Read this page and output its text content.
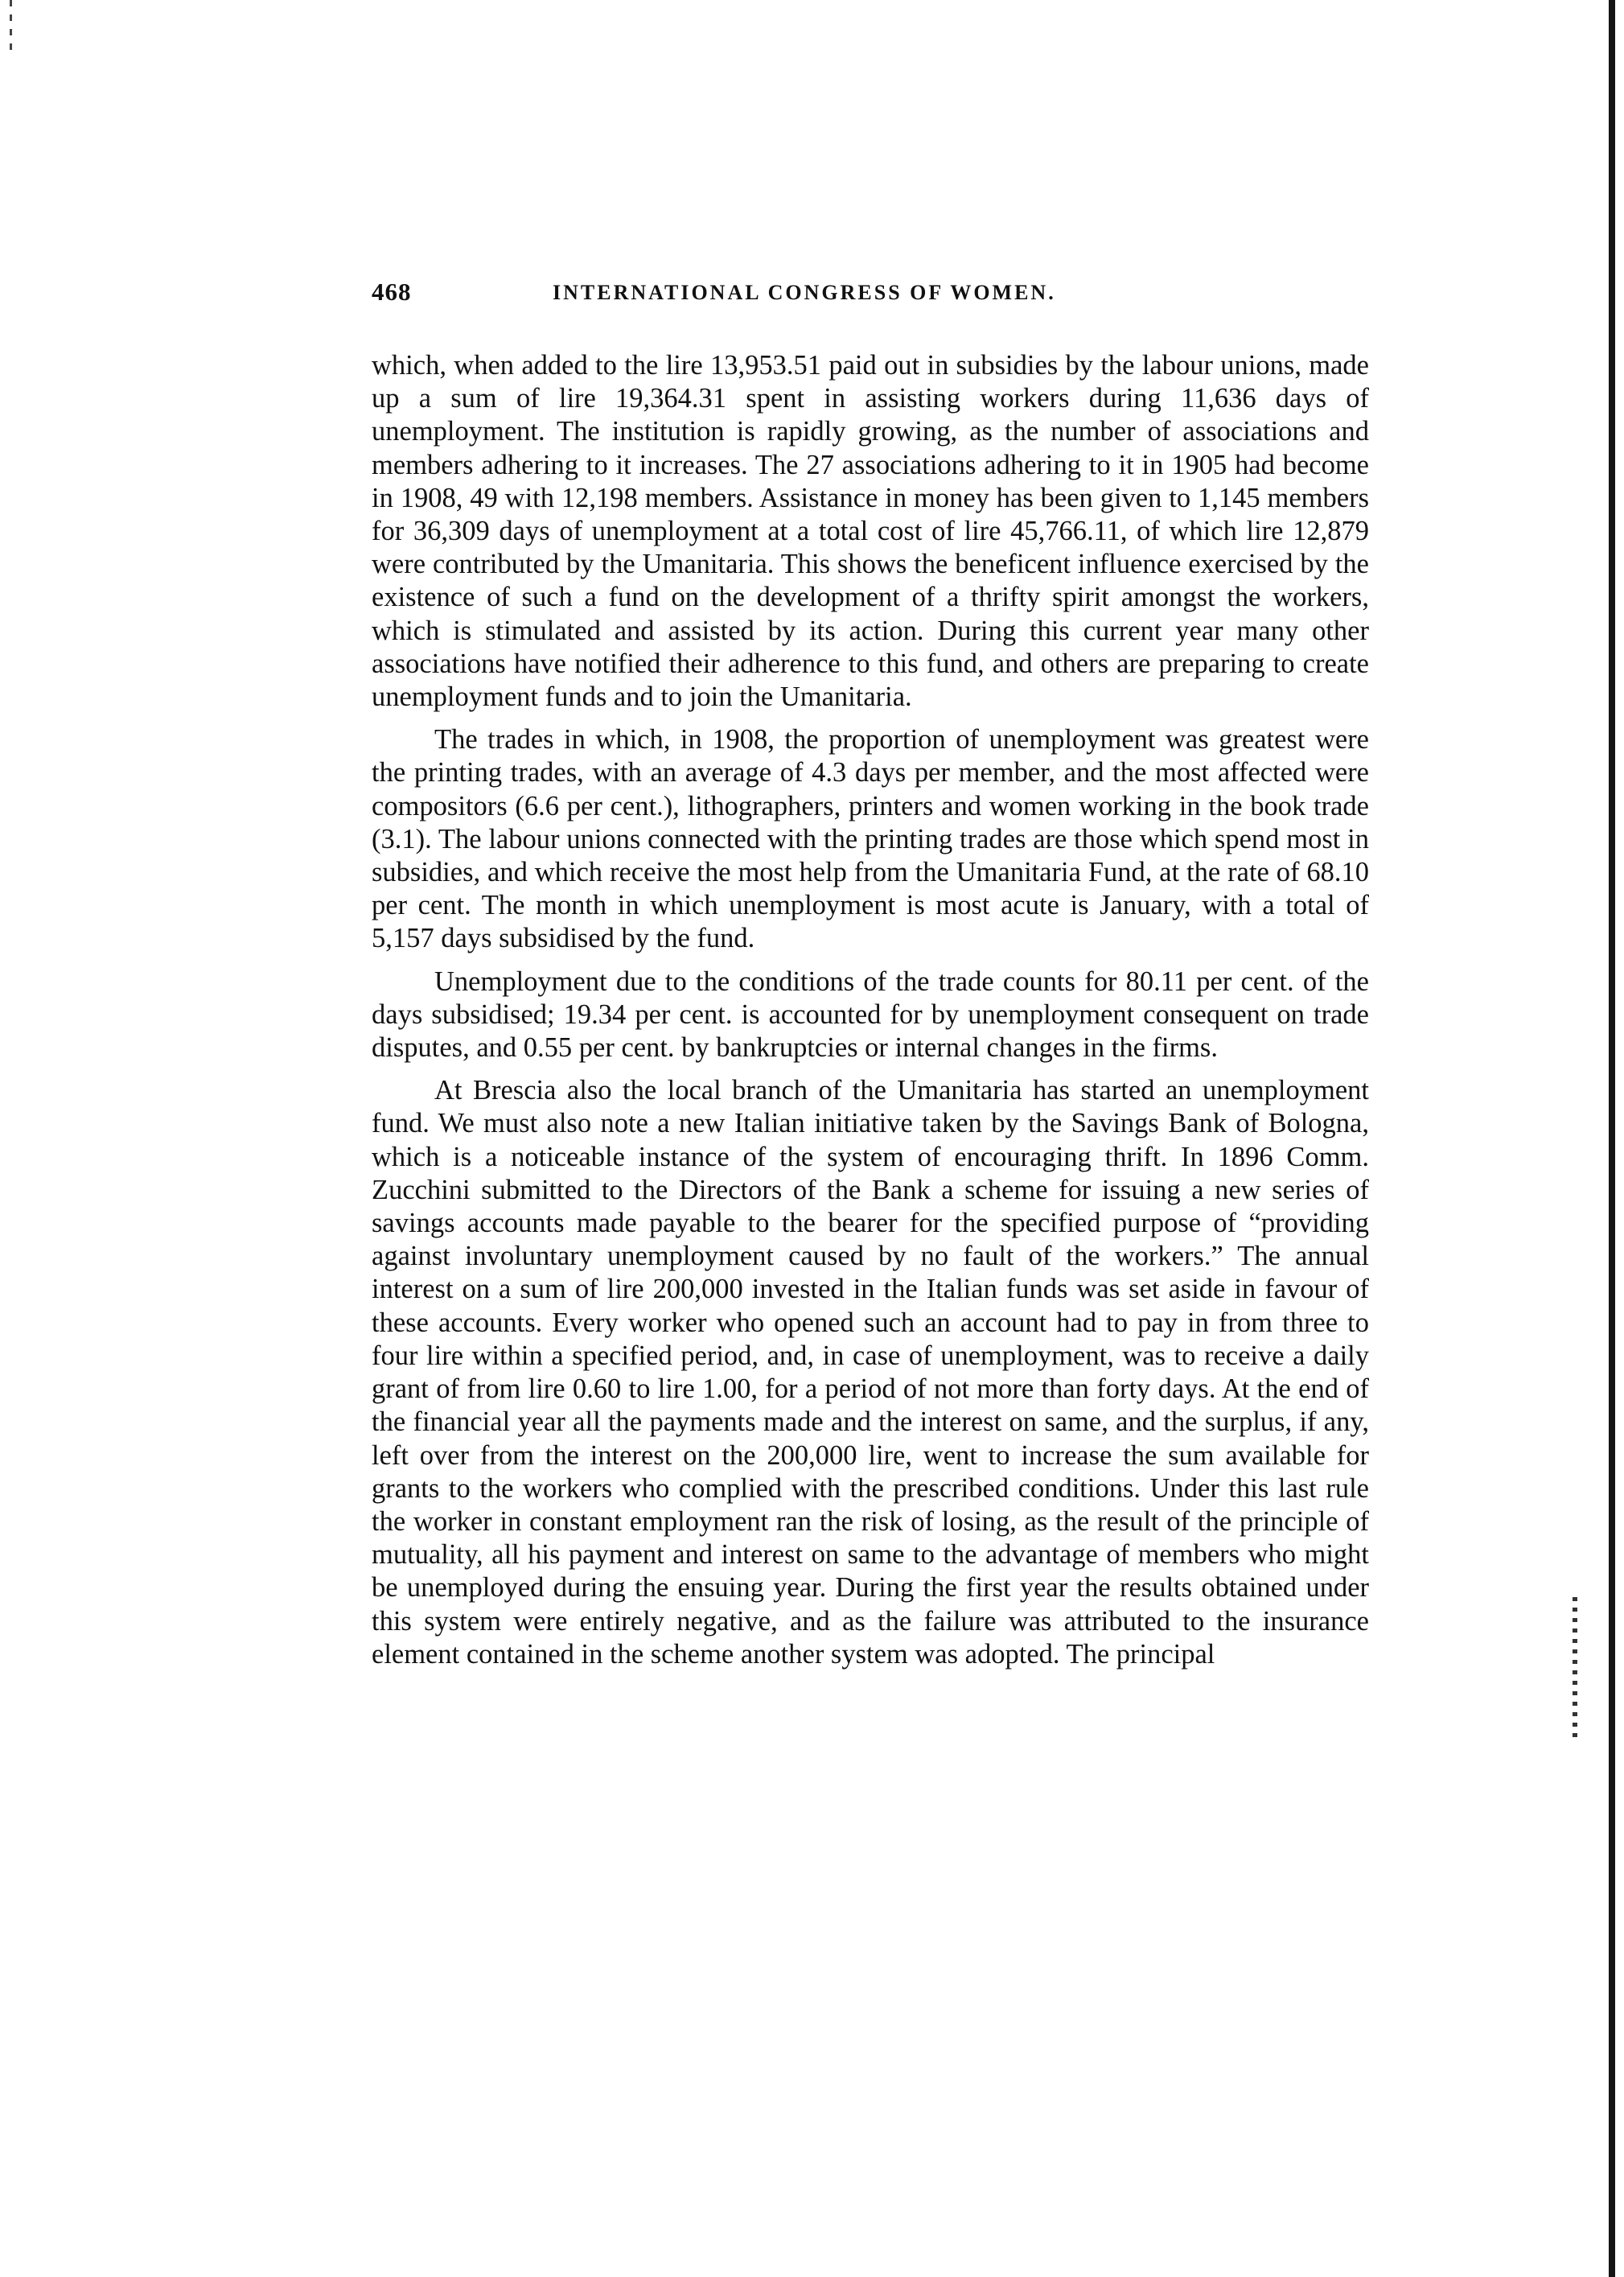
468	INTERNATIONAL CONGRESS OF WOMEN.

which, when added to the lire 13,953.51 paid out in subsidies by the labour unions, made up a sum of lire 19,364.31 spent in assisting workers during 11,636 days of unemployment. The institution is rapidly growing, as the number of associations and members adhering to it increases. The 27 associations adhering to it in 1905 had become in 1908, 49 with 12,198 members. Assistance in money has been given to 1,145 members for 36,309 days of unemployment at a total cost of lire 45,766.11, of which lire 12,879 were contributed by the Umanitaria. This shows the beneficent influence exercised by the existence of such a fund on the development of a thrifty spirit amongst the workers, which is stimulated and assisted by its action. During this current year many other associations have notified their adherence to this fund, and others are preparing to create unemployment funds and to join the Umanitaria.

The trades in which, in 1908, the proportion of unemployment was greatest were the printing trades, with an average of 4.3 days per member, and the most affected were compositors (6.6 per cent.), lithographers, printers and women working in the book trade (3.1). The labour unions connected with the printing trades are those which spend most in subsidies, and which receive the most help from the Umanitaria Fund, at the rate of 68.10 per cent. The month in which unemployment is most acute is January, with a total of 5,157 days subsidised by the fund.

Unemployment due to the conditions of the trade counts for 80.11 per cent. of the days subsidised; 19.34 per cent. is accounted for by unemployment consequent on trade disputes, and 0.55 per cent. by bankruptcies or internal changes in the firms.

At Brescia also the local branch of the Umanitaria has started an unemployment fund. We must also note a new Italian initiative taken by the Savings Bank of Bologna, which is a noticeable instance of the system of encouraging thrift. In 1896 Comm. Zucchini submitted to the Directors of the Bank a scheme for issuing a new series of savings accounts made payable to the bearer for the specified purpose of “providing against involuntary unemployment caused by no fault of the workers.” The annual interest on a sum of lire 200,000 invested in the Italian funds was set aside in favour of these accounts. Every worker who opened such an account had to pay in from three to four lire within a specified period, and, in case of unemployment, was to receive a daily grant of from lire 0.60 to lire 1.00, for a period of not more than forty days. At the end of the financial year all the payments made and the interest on same, and the surplus, if any, left over from the interest on the 200,000 lire, went to increase the sum available for grants to the workers who complied with the prescribed conditions. Under this last rule the worker in constant employment ran the risk of losing, as the result of the principle of mutuality, all his payment and interest on same to the advantage of members who might be unemployed during the ensuing year. During the first year the results obtained under this system were entirely negative, and as the failure was attributed to the insurance element contained in the scheme another system was adopted. The principal
